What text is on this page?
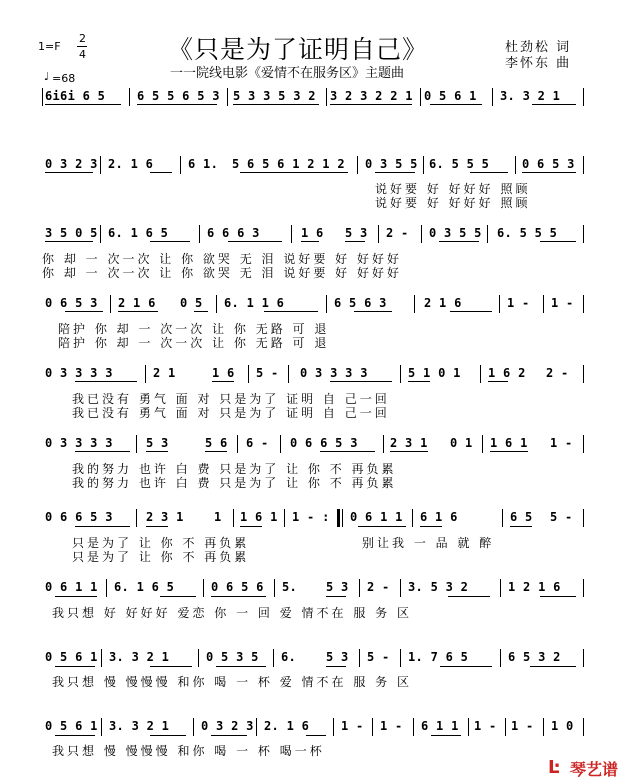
《只是为了证明自己》
一一院线电影《爱情不在服务区》主题曲
杜劲松 词
李怀东 曲
1=F
2
4
♩ =68
6i6i 6 5	6 5 5 6 5 3 5 3 3 5 3 2 3 2 3 2 2 1 0 5 6 1 3. 3 2 1
0 3 2 3 2. 1 6	6 1. 5 6 5 6 1 2 1 2 0 3 5 5 6. 5 5 5	0 6 5 3
说好要 好 好好好 照顾
说好要 好 好好好 照顾
3 5 0 5 6. 1 6 5	6 6 6 3	1 6 5 3 2 - 0 3 5 5 6. 5 5 5
你 却 一 次一次 让 你 欲哭 无 泪 说好要 好 好好好
你 却 一 次一次 让 你 欲哭 无 泪 说好要 好 好好好
0 6 5 3 2 1 6 0 5 6. 1 1 6	6 5 6 3	2 1 6	1 - 1 -
陪护 你 却 一 次一次 让 你 无路 可 退
陪护 你 却 一 次一次 让 你 无路 可 退
0 3 3 3 3	2 1	1 6 5 - 0 3 3 3 3	5 1 0 1 1 6 2 2 -
我已没有 勇气 面 对 只是为了 证明 自 己一回
我已没有 勇气 面 对 只是为了 证明 自 己一回
0 3 3 3 3	5 3	5 6 6 - 0 6 6 5 3	2 3 1 0 1 1 6 1 1 -
我的努力 也许 白 费 只是为了 让 你 不 再负累
我的努力 也许 白 费 只是为了 让 你 不 再负累
0 6 6 5 3	2 3 1	1 1 6 1 1 - : 0 6 1 1 6 1 6	6 5 5 -
只是为了 让 你 不 再负累
只是为了 让 你 不 再负累
别让我 一 品 就 醉
0 6 1 1 6. 1 6 5	0 6 5 6 5. 5 3 2 - 3. 5 3 2	1 2 1 6
我只想 好 好好好 爱恋 你 一 回 爱 情不在 服 务 区
0 5 6 1 3. 3 2 1	0 5 3 5 6. 5 3 5 - 1. 7 6 5	6 5 3 2
我只想 慢 慢慢慢 和你 喝 一 杯 爱 情不在 服 务 区
0 5 6 1 3. 3 2 1	0 3 2 3 2. 1 6	1 - 1 - 6 1 1 1 - 1 - 1 0
我只想 慢 慢慢慢 和你 喝 一 杯 喝一杯
Ŀ 琴艺谱
